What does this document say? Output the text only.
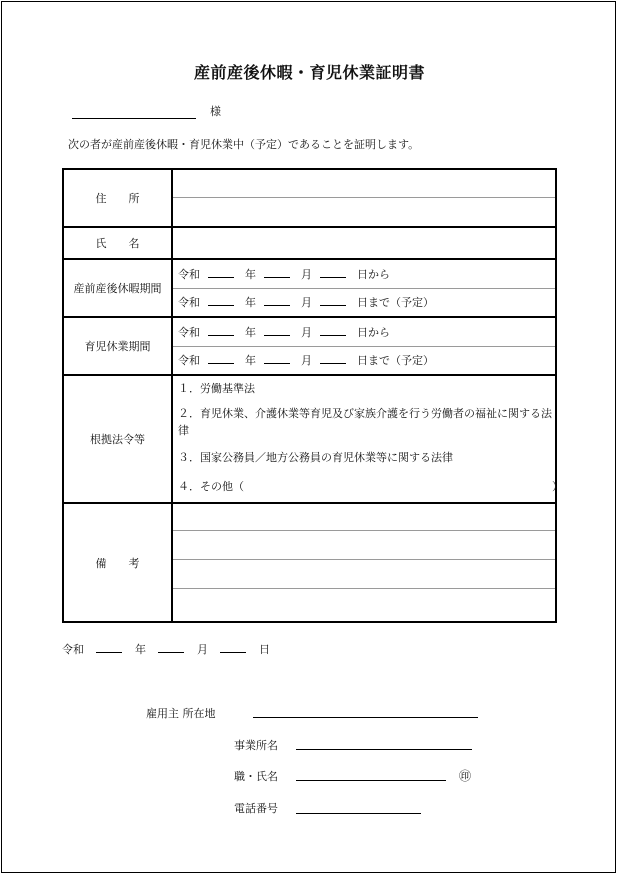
産前産後休暇・育児休業証明書
様
次の者が産前産後休暇・育児休業中（予定）であることを証明します。
住　　所	

氏　　名	
産前産後休暇期間	令和 年 月 日から
令和 年 月 日まで（予定）

育児休業期間	令和 年 月 日から
令和 年 月 日まで（予定）

根拠法令等	１．労働基準法
２．育児休業、介護休業等育児及び家族介護を行う労働者の福祉に関する法律
３．国家公務員／地方公務員の育児休業等に関する法律
４．その他（　　　　　　　　　　　　　　　　　　　　　　　　　　　　）

備　　考	
令和	年	月	日
雇用主 所在地
事業所名
職・氏名	㊞
電話番号
